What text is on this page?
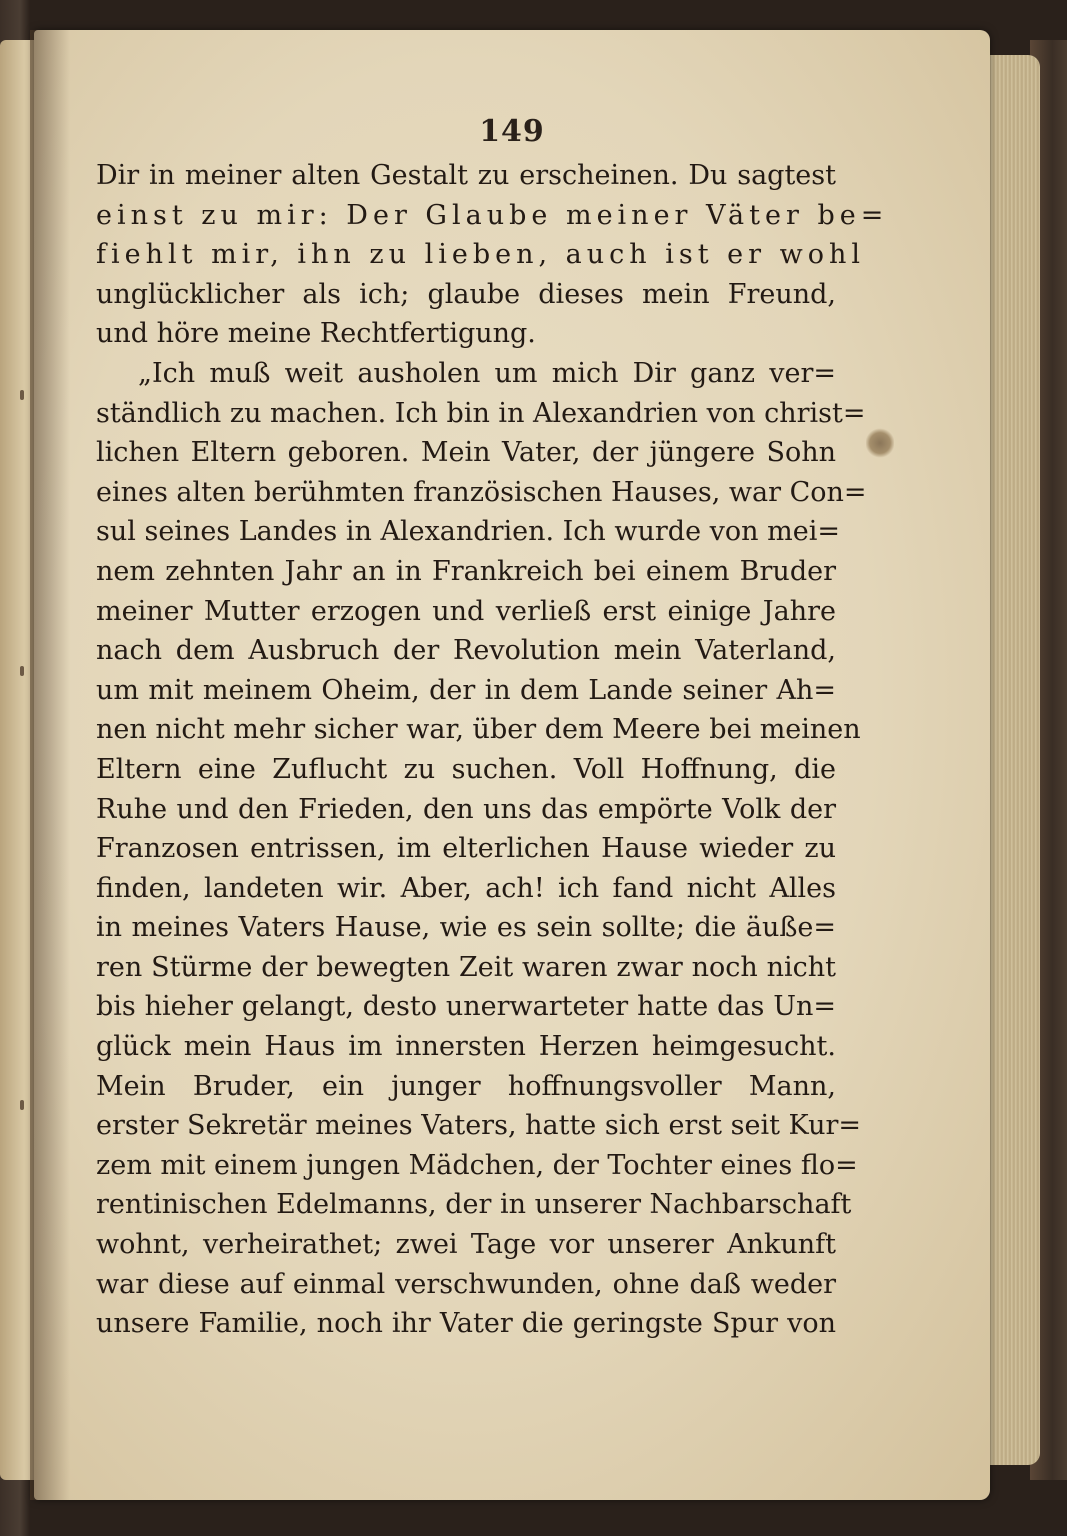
149
Dir in meiner alten Gestalt zu erscheinen. Du sagtest
einst zu mir: Der Glaube meiner Väter be=
fiehlt mir, ihn zu lieben, auch ist er wohl
unglücklicher als ich; glaube dieses mein Freund,
und höre meine Rechtfertigung.
„Ich muß weit ausholen um mich Dir ganz ver=
ständlich zu machen. Ich bin in Alexandrien von christ=
lichen Eltern geboren. Mein Vater, der jüngere Sohn
eines alten berühmten französischen Hauses, war Con=
sul seines Landes in Alexandrien. Ich wurde von mei=
nem zehnten Jahr an in Frankreich bei einem Bruder
meiner Mutter erzogen und verließ erst einige Jahre
nach dem Ausbruch der Revolution mein Vaterland,
um mit meinem Oheim, der in dem Lande seiner Ah=
nen nicht mehr sicher war, über dem Meere bei meinen
Eltern eine Zuflucht zu suchen. Voll Hoffnung, die
Ruhe und den Frieden, den uns das empörte Volk der
Franzosen entrissen, im elterlichen Hause wieder zu
finden, landeten wir. Aber, ach! ich fand nicht Alles
in meines Vaters Hause, wie es sein sollte; die äuße=
ren Stürme der bewegten Zeit waren zwar noch nicht
bis hieher gelangt, desto unerwarteter hatte das Un=
glück mein Haus im innersten Herzen heimgesucht.
Mein Bruder, ein junger hoffnungsvoller Mann,
erster Sekretär meines Vaters, hatte sich erst seit Kur=
zem mit einem jungen Mädchen, der Tochter eines flo=
rentinischen Edelmanns, der in unserer Nachbarschaft
wohnt, verheirathet; zwei Tage vor unserer Ankunft
war diese auf einmal verschwunden, ohne daß weder
unsere Familie, noch ihr Vater die geringste Spur von
